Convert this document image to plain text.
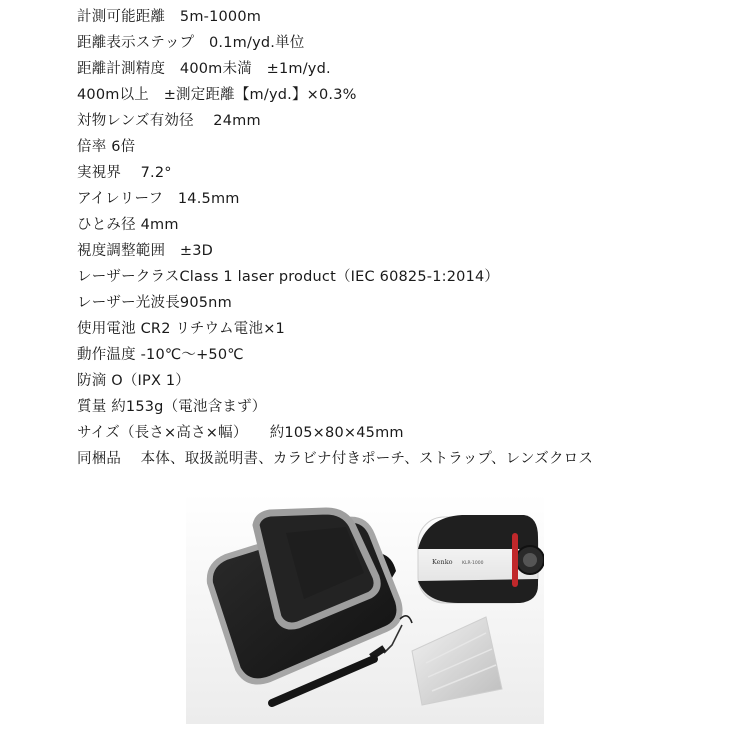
計測可能距離　5m-1000m
距離表示ステップ　0.1m/yd.単位
距離計測精度　400m未満　±1m/yd.
400m以上　±測定距離【m/yd.】×0.3%
対物レンズ有効径　 24mm
倍率 6倍
実視界　 7.2°
アイレリーフ　14.5mm
ひとみ径 4mm
視度調整範囲　±3D
レーザークラスClass 1 laser product（IEC 60825-1:2014）
レーザー光波長905nm
使用電池 CR2 リチウム電池×1
動作温度 -10℃～+50℃
防滴 O（IPX 1）
質量 約153g（電池含まず）
サイズ（長さ×高さ×幅）　　約105×80×45mm
同梱品　 本体、取扱説明書、カラビナ付きポーチ、ストラップ、レンズクロス
Kenko KLR-1000
